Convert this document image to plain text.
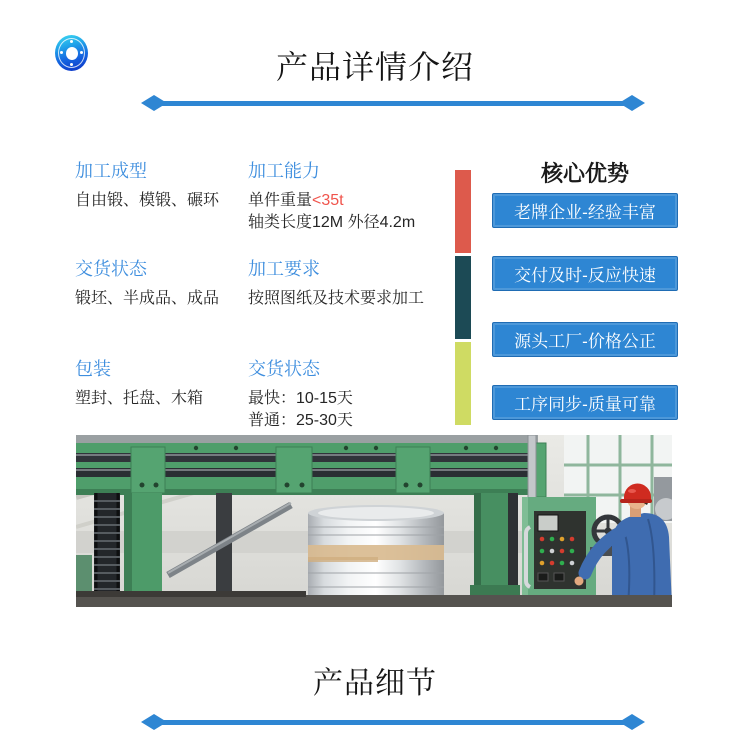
产品详情介绍
加工成型
自由锻、模锻、碾环
加工能力
单件重量<35t
轴类长度12M 外径4.2m
交货状态
锻坯、半成品、成品
加工要求
按照图纸及技术要求加工
包装
塑封、托盘、木箱
交货状态
最快：10-15天
普通：25-30天
核心优势
老牌企业-经验丰富
交付及时-反应快速
源头工厂-价格公正
工序同步-质量可靠
产品细节
